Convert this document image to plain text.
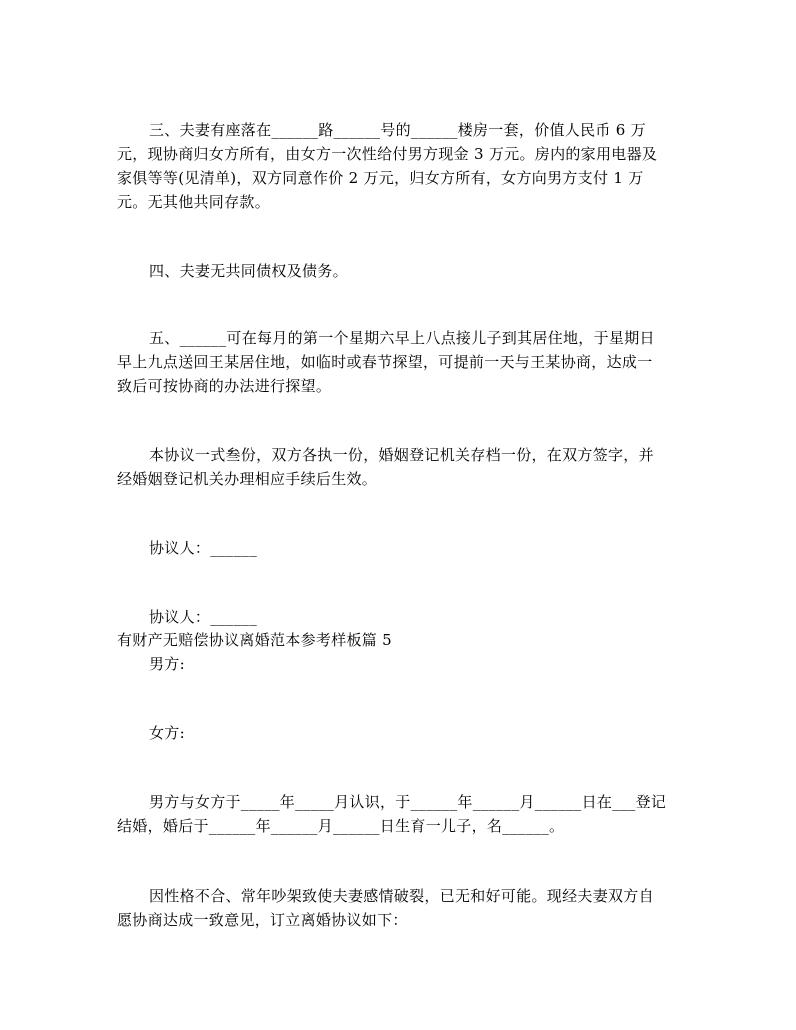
三、夫妻有座落在______路______号的______楼房一套，价值人民币 6 万
元，现协商归女方所有，由女方一次性给付男方现金 3 万元。房内的家用电器及
家俱等等(见清单)，双方同意作价 2 万元，归女方所有，女方向男方支付 1 万
元。无其他共同存款。
四、夫妻无共同债权及债务。
五、______可在每月的第一个星期六早上八点接儿子到其居住地，于星期日
早上九点送回王某居住地，如临时或春节探望，可提前一天与王某协商，达成一
致后可按协商的办法进行探望。
本协议一式叁份，双方各执一份，婚姻登记机关存档一份，在双方签字，并
经婚姻登记机关办理相应手续后生效。
协议人：______
协议人：______
有财产无赔偿协议离婚范本参考样板篇 5
男方:
女方:
男方与女方于_____年_____月认识，于______年______月______日在___登记
结婚，婚后于______年______月______日生育一儿子，名______。
因性格不合、常年吵架致使夫妻感情破裂，已无和好可能。现经夫妻双方自
愿协商达成一致意见，订立离婚协议如下：
